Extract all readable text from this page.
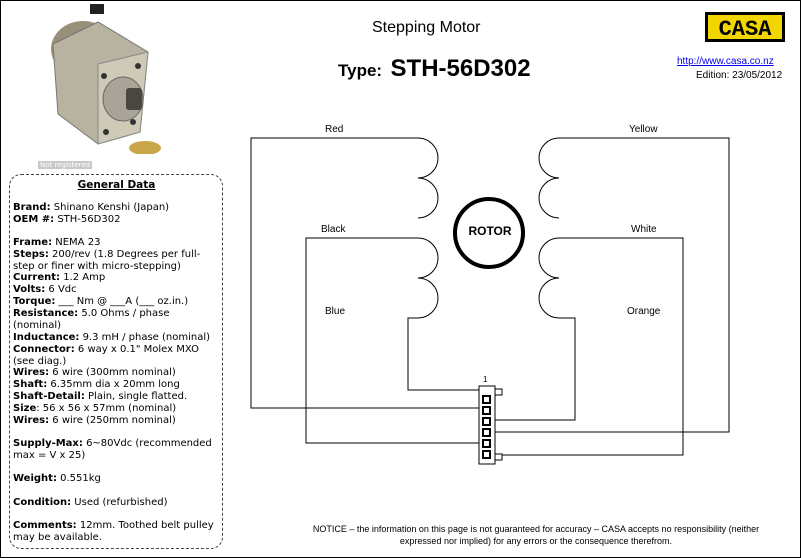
Not registered
Stepping Motor
Type: STH-56D302
CASA
http://www.casa.co.nz
Edition: 23/05/2012
General Data
Brand: Shinano Kenshi (Japan)
OEM #: STH-56D302
Frame: NEMA 23
Steps: 200/rev (1.8 Degrees per full-step or finer with micro-stepping)
Current: 1.2 Amp
Volts: 6 Vdc
Torque: ___ Nm @ ___A (___ oz.in.)
Resistance: 5.0 Ohms / phase (nominal)
Inductance: 9.3 mH / phase (nominal)
Connector: 6 way x 0.1" Molex MXO (see diag.)
Wires: 6 wire (300mm nominal)
Shaft: 6.35mm dia x 20mm long
Shaft-Detail: Plain, single flatted.
Size: 56 x 56 x 57mm (nominal)
Wires: 6 wire (250mm nominal)
Supply-Max: 6~80Vdc (recommended max = V x 25)
Weight: 0.551kg
Condition: Used (refurbished)
Comments: 12mm. Toothed belt pulley may be available.
ROTOR
1
Red
Black
Blue
Yellow
White
Orange
NOTICE – the information on this page is not guaranteed for accuracy – CASA accepts no responsibility (neither expressed nor implied) for any errors or the consequence therefrom.
